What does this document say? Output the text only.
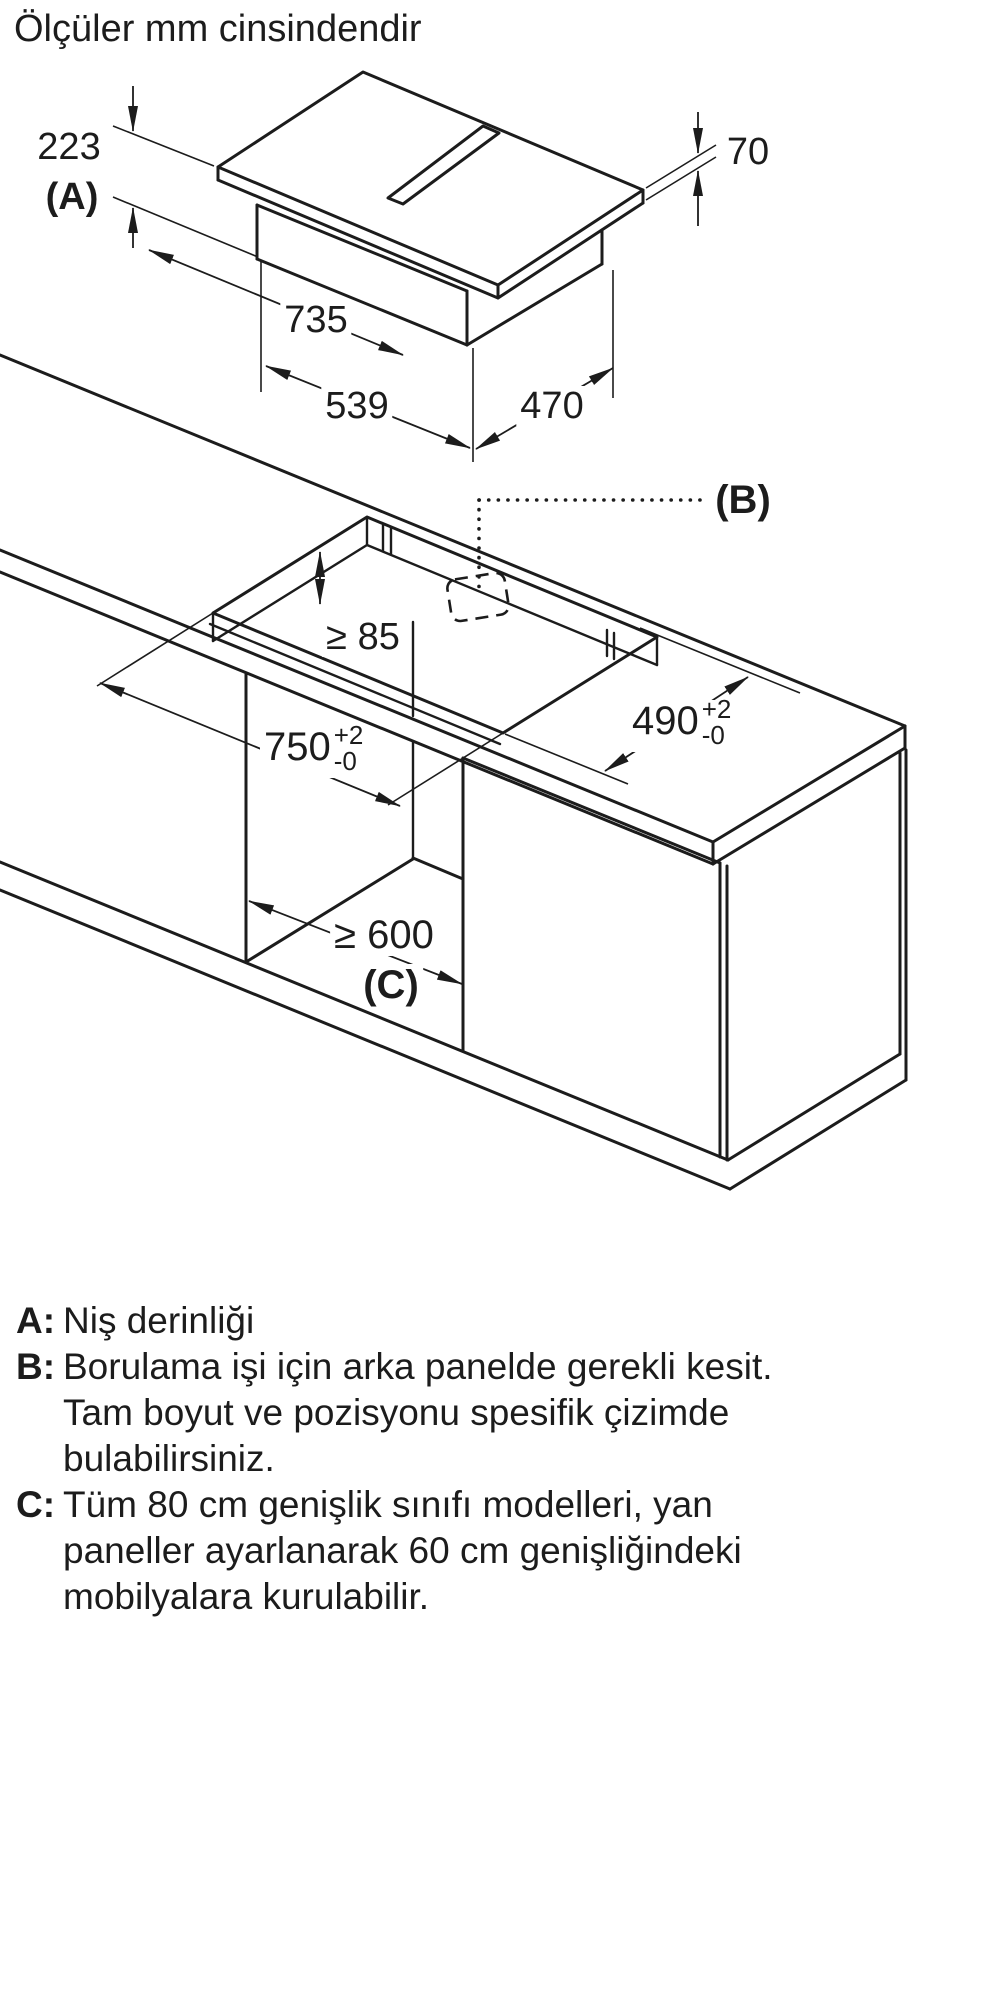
Ölçüler mm cinsindendir
223
(A)
70
735
539	470
(B)
≥ 85
490 +2
-0
750 +2
-0
≥ 600
(C)
A: Niş derinliği
B: Borulama işi için arka panelde gerekli kesit.
Tam boyut ve pozisyonu spesifik çizimde
bulabilirsiniz.
C: Tüm 80 cm genişlik sınıfı modelleri, yan
paneller ayarlanarak 60 cm genişliğindeki
mobilyalara kurulabilir.
